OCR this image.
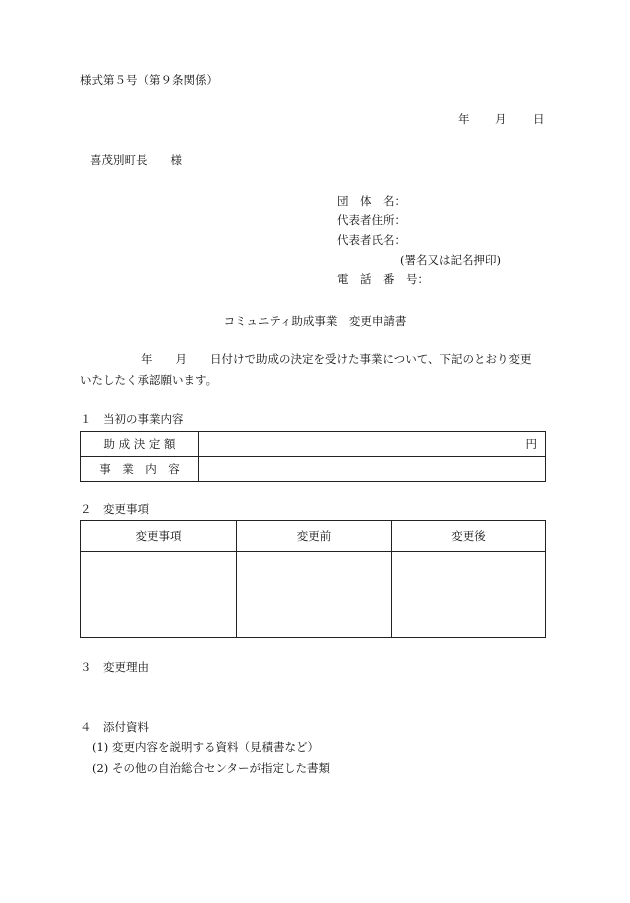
様式第５号（第９条関係）
年 月 日
喜茂別町長　　様
団　体　名：
代表者住所：
代表者氏名：
(署名又は記名押印)
電　話　番　号：
コミュニティ助成事業　変更申請書
年　　月　　日付けで助成の決定を受けた事業について、下記のとおり変更
いたしたく承認願います。
１　当初の事業内容
助 成 決 定 額	円
事　業　内　容	
２　変更事項
変更事項	変更前	変更後

３　変更理由
４　添付資料
(1) 変更内容を説明する資料（見積書など）
(2) その他の自治総合センターが指定した書類
